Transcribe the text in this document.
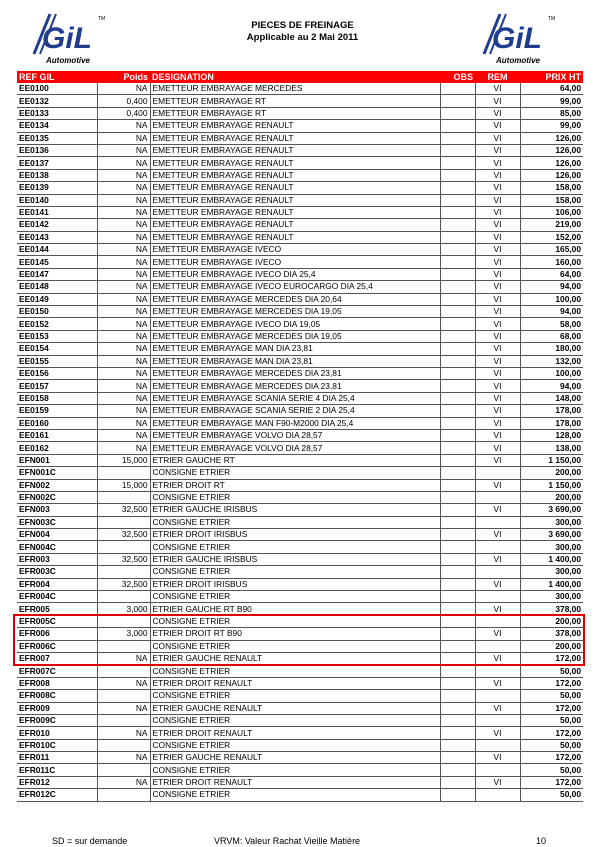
GiL
TM
Automotive
GiL
TM
Automotive
PIECES DE FREINAGE
Applicable au 2 Mai 2011
REF GIL	Poids	DESIGNATION	OBS	REM	PRIX HT
EE0100	NA	EMETTEUR EMBRAYAGE MERCEDES		VI	64,00
EE0132	0,400	EMETTEUR EMBRAYAGE RT		VI	99,00
EE0133	0,400	EMETTEUR EMBRAYAGE RT		VI	85,00
EE0134	NA	EMETTEUR EMBRAYAGE RENAULT		VI	99,00
EE0135	NA	EMETTEUR EMBRAYAGE RENAULT		VI	126,00
EE0136	NA	EMETTEUR EMBRAYAGE RENAULT		VI	126,00
EE0137	NA	EMETTEUR EMBRAYAGE RENAULT		VI	126,00
EE0138	NA	EMETTEUR EMBRAYAGE RENAULT		VI	126,00
EE0139	NA	EMETTEUR EMBRAYAGE RENAULT		VI	158,00
EE0140	NA	EMETTEUR EMBRAYAGE RENAULT		VI	158,00
EE0141	NA	EMETTEUR EMBRAYAGE RENAULT		VI	106,00
EE0142	NA	EMETTEUR EMBRAYAGE RENAULT		VI	219,00
EE0143	NA	EMETTEUR EMBRAYAGE RENAULT		VI	152,00
EE0144	NA	EMETTEUR EMBRAYAGE IVECO		VI	165,00
EE0145	NA	EMETTEUR EMBRAYAGE IVECO		VI	160,00
EE0147	NA	EMETTEUR EMBRAYAGE IVECO DIA 25,4		VI	64,00
EE0148	NA	EMETTEUR EMBRAYAGE IVECO EUROCARGO DIA 25,4		VI	94,00
EE0149	NA	EMETTEUR EMBRAYAGE MERCEDES DIA 20,64		VI	100,00
EE0150	NA	EMETTEUR EMBRAYAGE MERCEDES DIA 19,05		VI	94,00
EE0152	NA	EMETTEUR EMBRAYAGE IVECO DIA 19,05		VI	58,00
EE0153	NA	EMETTEUR EMBRAYAGE MERCEDES DIA 19,05		VI	68,00
EE0154	NA	EMETTEUR EMBRAYAGE MAN DIA 23,81		VI	180,00
EE0155	NA	EMETTEUR EMBRAYAGE MAN DIA 23,81		VI	132,00
EE0156	NA	EMETTEUR EMBRAYAGE MERCEDES DIA 23,81		VI	100,00
EE0157	NA	EMETTEUR EMBRAYAGE MERCEDES DIA 23,81		VI	94,00
EE0158	NA	EMETTEUR EMBRAYAGE SCANIA SERIE 4 DIA 25,4		VI	148,00
EE0159	NA	EMETTEUR EMBRAYAGE SCANIA SERIE 2 DIA 25,4		VI	178,00
EE0160	NA	EMETTEUR EMBRAYAGE MAN F90-M2000 DIA 25,4		VI	178,00
EE0161	NA	EMETTEUR EMBRAYAGE VOLVO DIA 28,57		VI	128,00
EE0162	NA	EMETTEUR EMBRAYAGE VOLVO DIA 28,57		VI	138,00
EFN001	15,000	ETRIER GAUCHE RT		VI	1 150,00
EFN001C		CONSIGNE ETRIER			200,00
EFN002	15,000	ETRIER DROIT RT		VI	1 150,00
EFN002C		CONSIGNE ETRIER			200,00
EFN003	32,500	ETRIER GAUCHE IRISBUS		VI	3 690,00
EFN003C		CONSIGNE ETRIER			300,00
EFN004	32,500	ETRIER DROIT IRISBUS		VI	3 690,00
EFN004C		CONSIGNE ETRIER			300,00
EFR003	32,500	ETRIER GAUCHE IRISBUS		VI	1 400,00
EFR003C		CONSIGNE ETRIER			300,00
EFR004	32,500	ETRIER DROIT IRISBUS		VI	1 400,00
EFR004C		CONSIGNE ETRIER			300,00
EFR005	3,000	ETRIER GAUCHE RT B90		VI	378,00
EFR005C		CONSIGNE ETRIER			200,00
EFR006	3,000	ETRIER DROIT RT B90		VI	378,00
EFR006C		CONSIGNE ETRIER			200,00
EFR007	NA	ETRIER GAUCHE RENAULT		VI	172,00
EFR007C		CONSIGNE ETRIER			50,00
EFR008	NA	ETRIER DROIT RENAULT		VI	172,00
EFR008C		CONSIGNE ETRIER			50,00
EFR009	NA	ETRIER GAUCHE RENAULT		VI	172,00
EFR009C		CONSIGNE ETRIER			50,00
EFR010	NA	ETRIER DROIT RENAULT		VI	172,00
EFR010C		CONSIGNE ETRIER			50,00
EFR011	NA	ETRIER GAUCHE RENAULT		VI	172,00
EFR011C		CONSIGNE ETRIER			50,00
EFR012	NA	ETRIER DROIT RENAULT		VI	172,00
EFR012C		CONSIGNE ETRIER			50,00
SD = sur demande	VRVM: Valeur Rachat Vieille Matière	10
